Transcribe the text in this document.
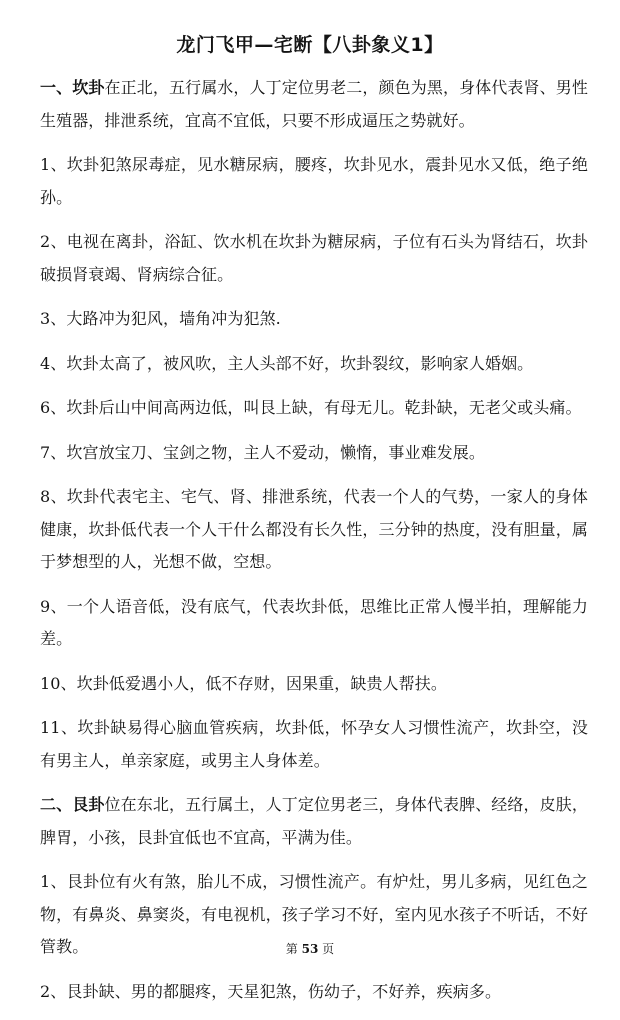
龙门飞甲—宅断【八卦象义1】

一、坎卦在正北，五行属水，人丁定位男老二，颜色为黑，身体代表肾、男性生殖器，排泄系统，宜高不宜低，只要不形成逼压之势就好。

1、坎卦犯煞尿毒症，见水糖尿病，腰疼，坎卦见水，震卦见水又低，绝子绝孙。

2、电视在离卦，浴缸、饮水机在坎卦为糖尿病，子位有石头为肾结石，坎卦破损肾衰竭、肾病综合征。

3、大路冲为犯风，墙角冲为犯煞.

4、坎卦太高了，被风吹，主人头部不好，坎卦裂纹，影响家人婚姻。

6、坎卦后山中间高两边低，叫艮上缺，有母无儿。乾卦缺，无老父或头痛。

7、坎宫放宝刀、宝剑之物，主人不爱动，懒惰，事业难发展。

8、坎卦代表宅主、宅气、肾、排泄系统，代表一个人的气势，一家人的身体健康，坎卦低代表一个人干什么都没有长久性，三分钟的热度，没有胆量，属于梦想型的人，光想不做，空想。

9、一个人语音低，没有底气，代表坎卦低，思维比正常人慢半拍，理解能力差。

10、坎卦低爱遇小人，低不存财，因果重，缺贵人帮扶。

11、坎卦缺易得心脑血管疾病，坎卦低，怀孕女人习惯性流产，坎卦空，没有男主人，单亲家庭，或男主人身体差。

二、艮卦位在东北，五行属土，人丁定位男老三，身体代表脾、经络，皮肤，脾胃，小孩，艮卦宜低也不宜高，平满为佳。

1、艮卦位有火有煞，胎儿不成，习惯性流产。有炉灶，男儿多病，见红色之物，有鼻炎、鼻窦炎，有电视机，孩子学习不好，室内见水孩子不听话，不好管教。

2、艮卦缺、男的都腿疼，天星犯煞，伤幼子，不好养，疾病多。

第 53 页
